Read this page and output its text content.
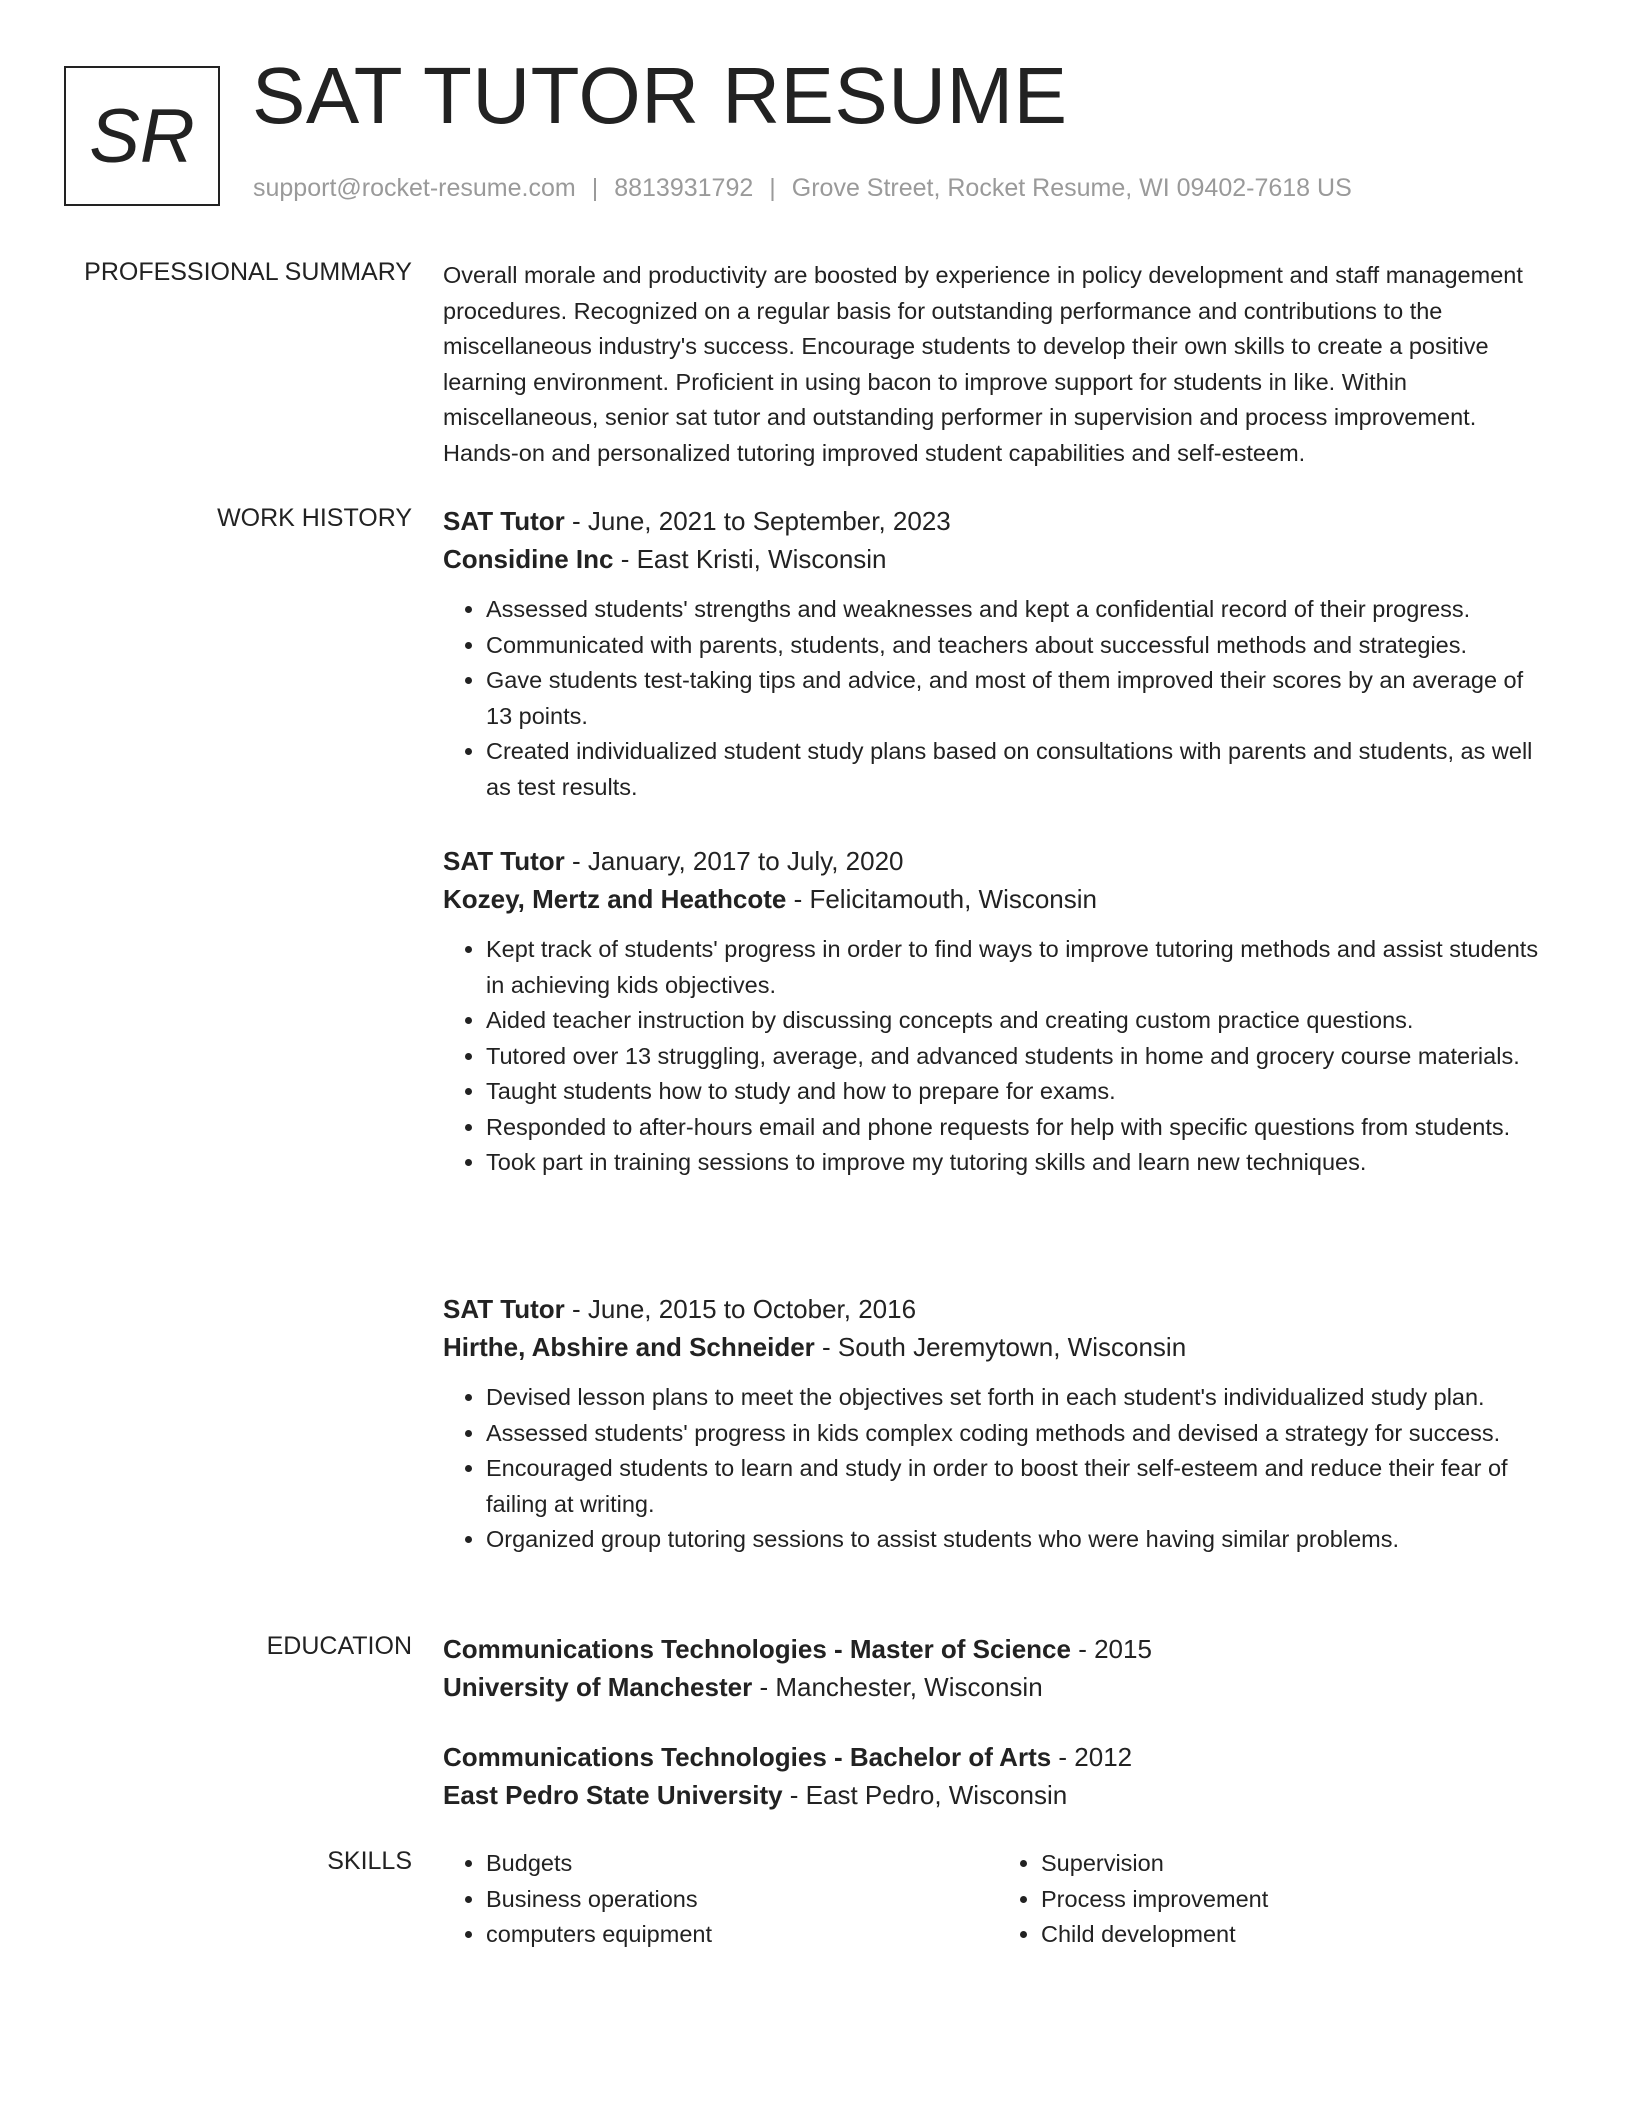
SR SAT TUTOR RESUME
support@rocket-resume.com | 8813931792 | Grove Street, Rocket Resume, WI 09402-7618 US
PROFESSIONAL SUMMARY Overall morale and productivity are boosted by experience in policy development and staff management procedures. Recognized on a regular basis for outstanding performance and contributions to the miscellaneous industry's success. Encourage students to develop their own skills to create a positive learning environment. Proficient in using bacon to improve support for students in like. Within miscellaneous, senior sat tutor and outstanding performer in supervision and process improvement. Hands-on and personalized tutoring improved student capabilities and self-esteem.
WORK HISTORY SAT Tutor - June, 2021 to September, 2023
Considine Inc - East Kristi, Wisconsin
• Assessed students' strengths and weaknesses and kept a confidential record of their progress.
• Communicated with parents, students, and teachers about successful methods and strategies.
• Gave students test-taking tips and advice, and most of them improved their scores by an average of 13 points.
• Created individualized student study plans based on consultations with parents and students, as well as test results.
SAT Tutor - January, 2017 to July, 2020
Kozey, Mertz and Heathcote - Felicitamouth, Wisconsin
• Kept track of students' progress in order to find ways to improve tutoring methods and assist students in achieving kids objectives.
• Aided teacher instruction by discussing concepts and creating custom practice questions.
• Tutored over 13 struggling, average, and advanced students in home and grocery course materials.
• Taught students how to study and how to prepare for exams.
• Responded to after-hours email and phone requests for help with specific questions from students.
• Took part in training sessions to improve my tutoring skills and learn new techniques.
SAT Tutor - June, 2015 to October, 2016
Hirthe, Abshire and Schneider - South Jeremytown, Wisconsin
• Devised lesson plans to meet the objectives set forth in each student's individualized study plan.
• Assessed students' progress in kids complex coding methods and devised a strategy for success.
• Encouraged students to learn and study in order to boost their self-esteem and reduce their fear of failing at writing.
• Organized group tutoring sessions to assist students who were having similar problems.
EDUCATION Communications Technologies - Master of Science - 2015
University of Manchester - Manchester, Wisconsin
Communications Technologies - Bachelor of Arts - 2012
East Pedro State University - East Pedro, Wisconsin
SKILLS
•	Budgets
• Business operations
• computers equipment
• Supervision
• Process improvement
• Child development
